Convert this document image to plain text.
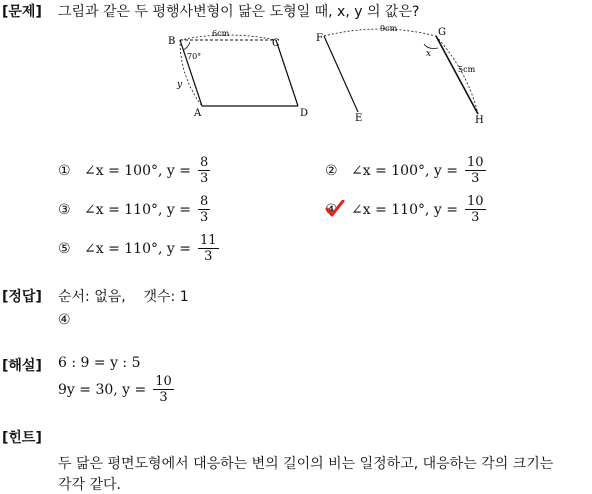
[문제] 그림과 같은 두 평행사변형이 닮은 도형일 때, x, y 의 값은?
B	C
A	D
6cm
70°
y
F
G
E	H
9cm
5cm
x
① ∠x = 100°, $y = \frac{8}{3}$	② ∠x = 100°, $y = \frac{10}{3}$
③ ∠x = 110°, $y = \frac{8}{3}$	④ ∠x = 110°, $y = \frac{10}{3}$
⑤ ∠x = 110°, $y = \frac{11}{3}$
[정답] 순서: 없음,    갯수: 1
④
[해설] 6 : 9 = y : 5
9y = 30, $y = \frac{10}{3}$
[힌트]
두 닮은 평면도형에서 대응하는 변의 길이의 비는 일정하고, 대응하는 각의 크기는
각각 같다.
